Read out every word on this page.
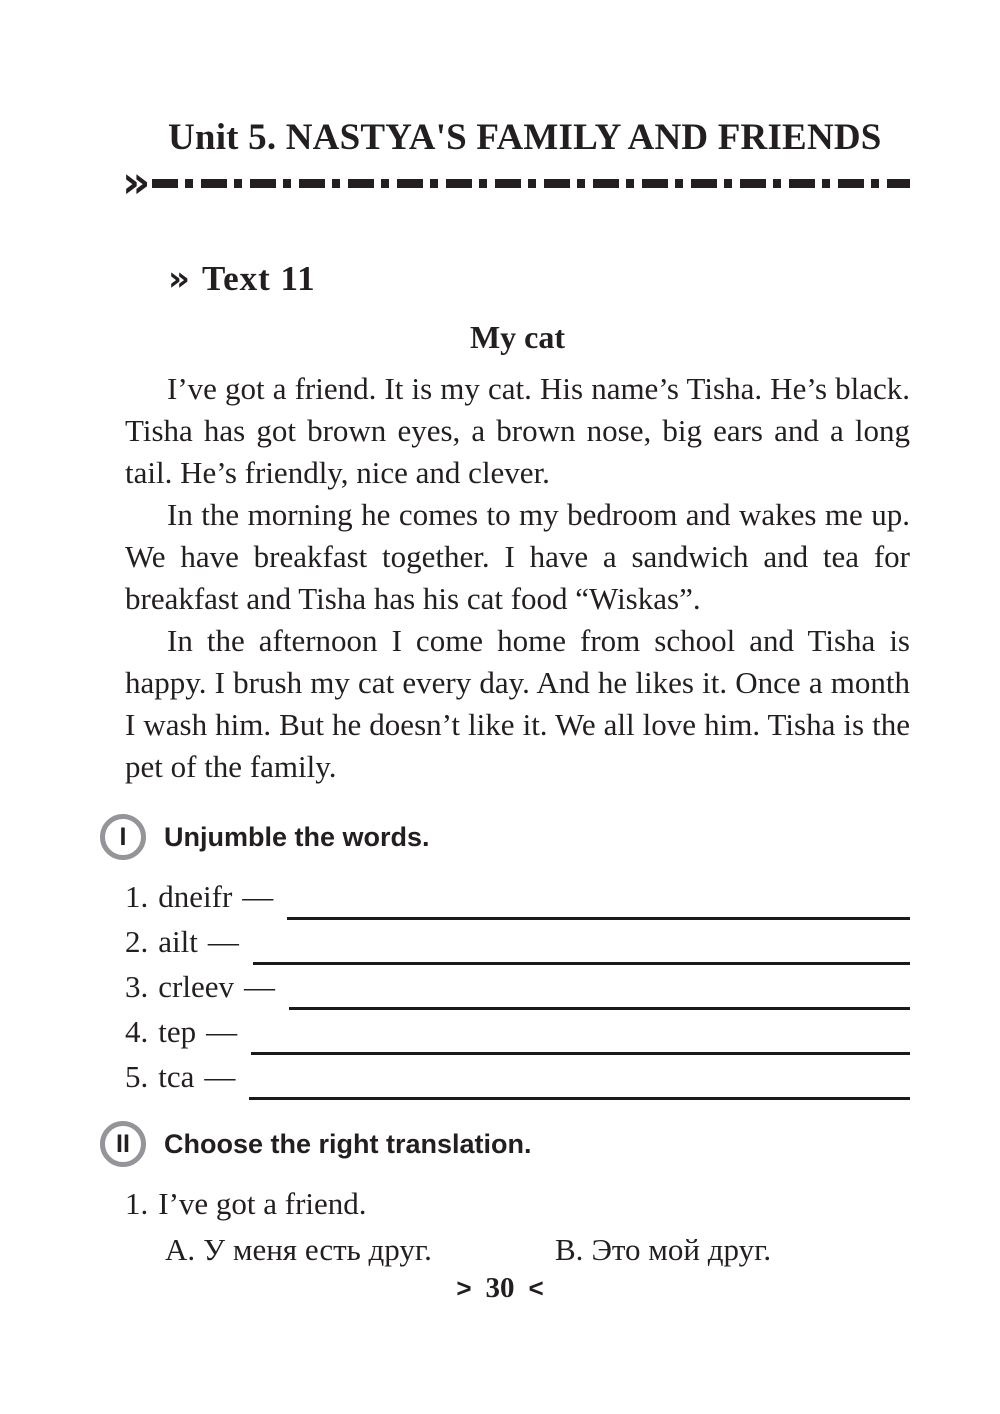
Unit 5. NASTYA'S FAMILY AND FRIENDS
»
» Text 11
My cat

I’ve got a friend. It is my cat. His name’s Tisha. He’s black. Tisha has got brown eyes, a brown nose, big ears and a long tail. He’s friendly, nice and clever.

In the morning he comes to my bedroom and wakes me up. We have breakfast together. I have a sandwich and tea for breakfast and Tisha has his cat food “Wiskas”.

In the afternoon I come home from school and Tisha is happy. I brush my cat every day. And he likes it. Once a month I wash him. But he doesn’t like it. We all love him. Tisha is the pet of the family.

I Unjumble the words.
1. dneifr —
2. ailt —
3. crleev —
4. tep —
5. tca —
II Choose the right translation.
1. I’ve got a friend.
A. У меня есть друг.	B. Это мой друг.
> 30 <
